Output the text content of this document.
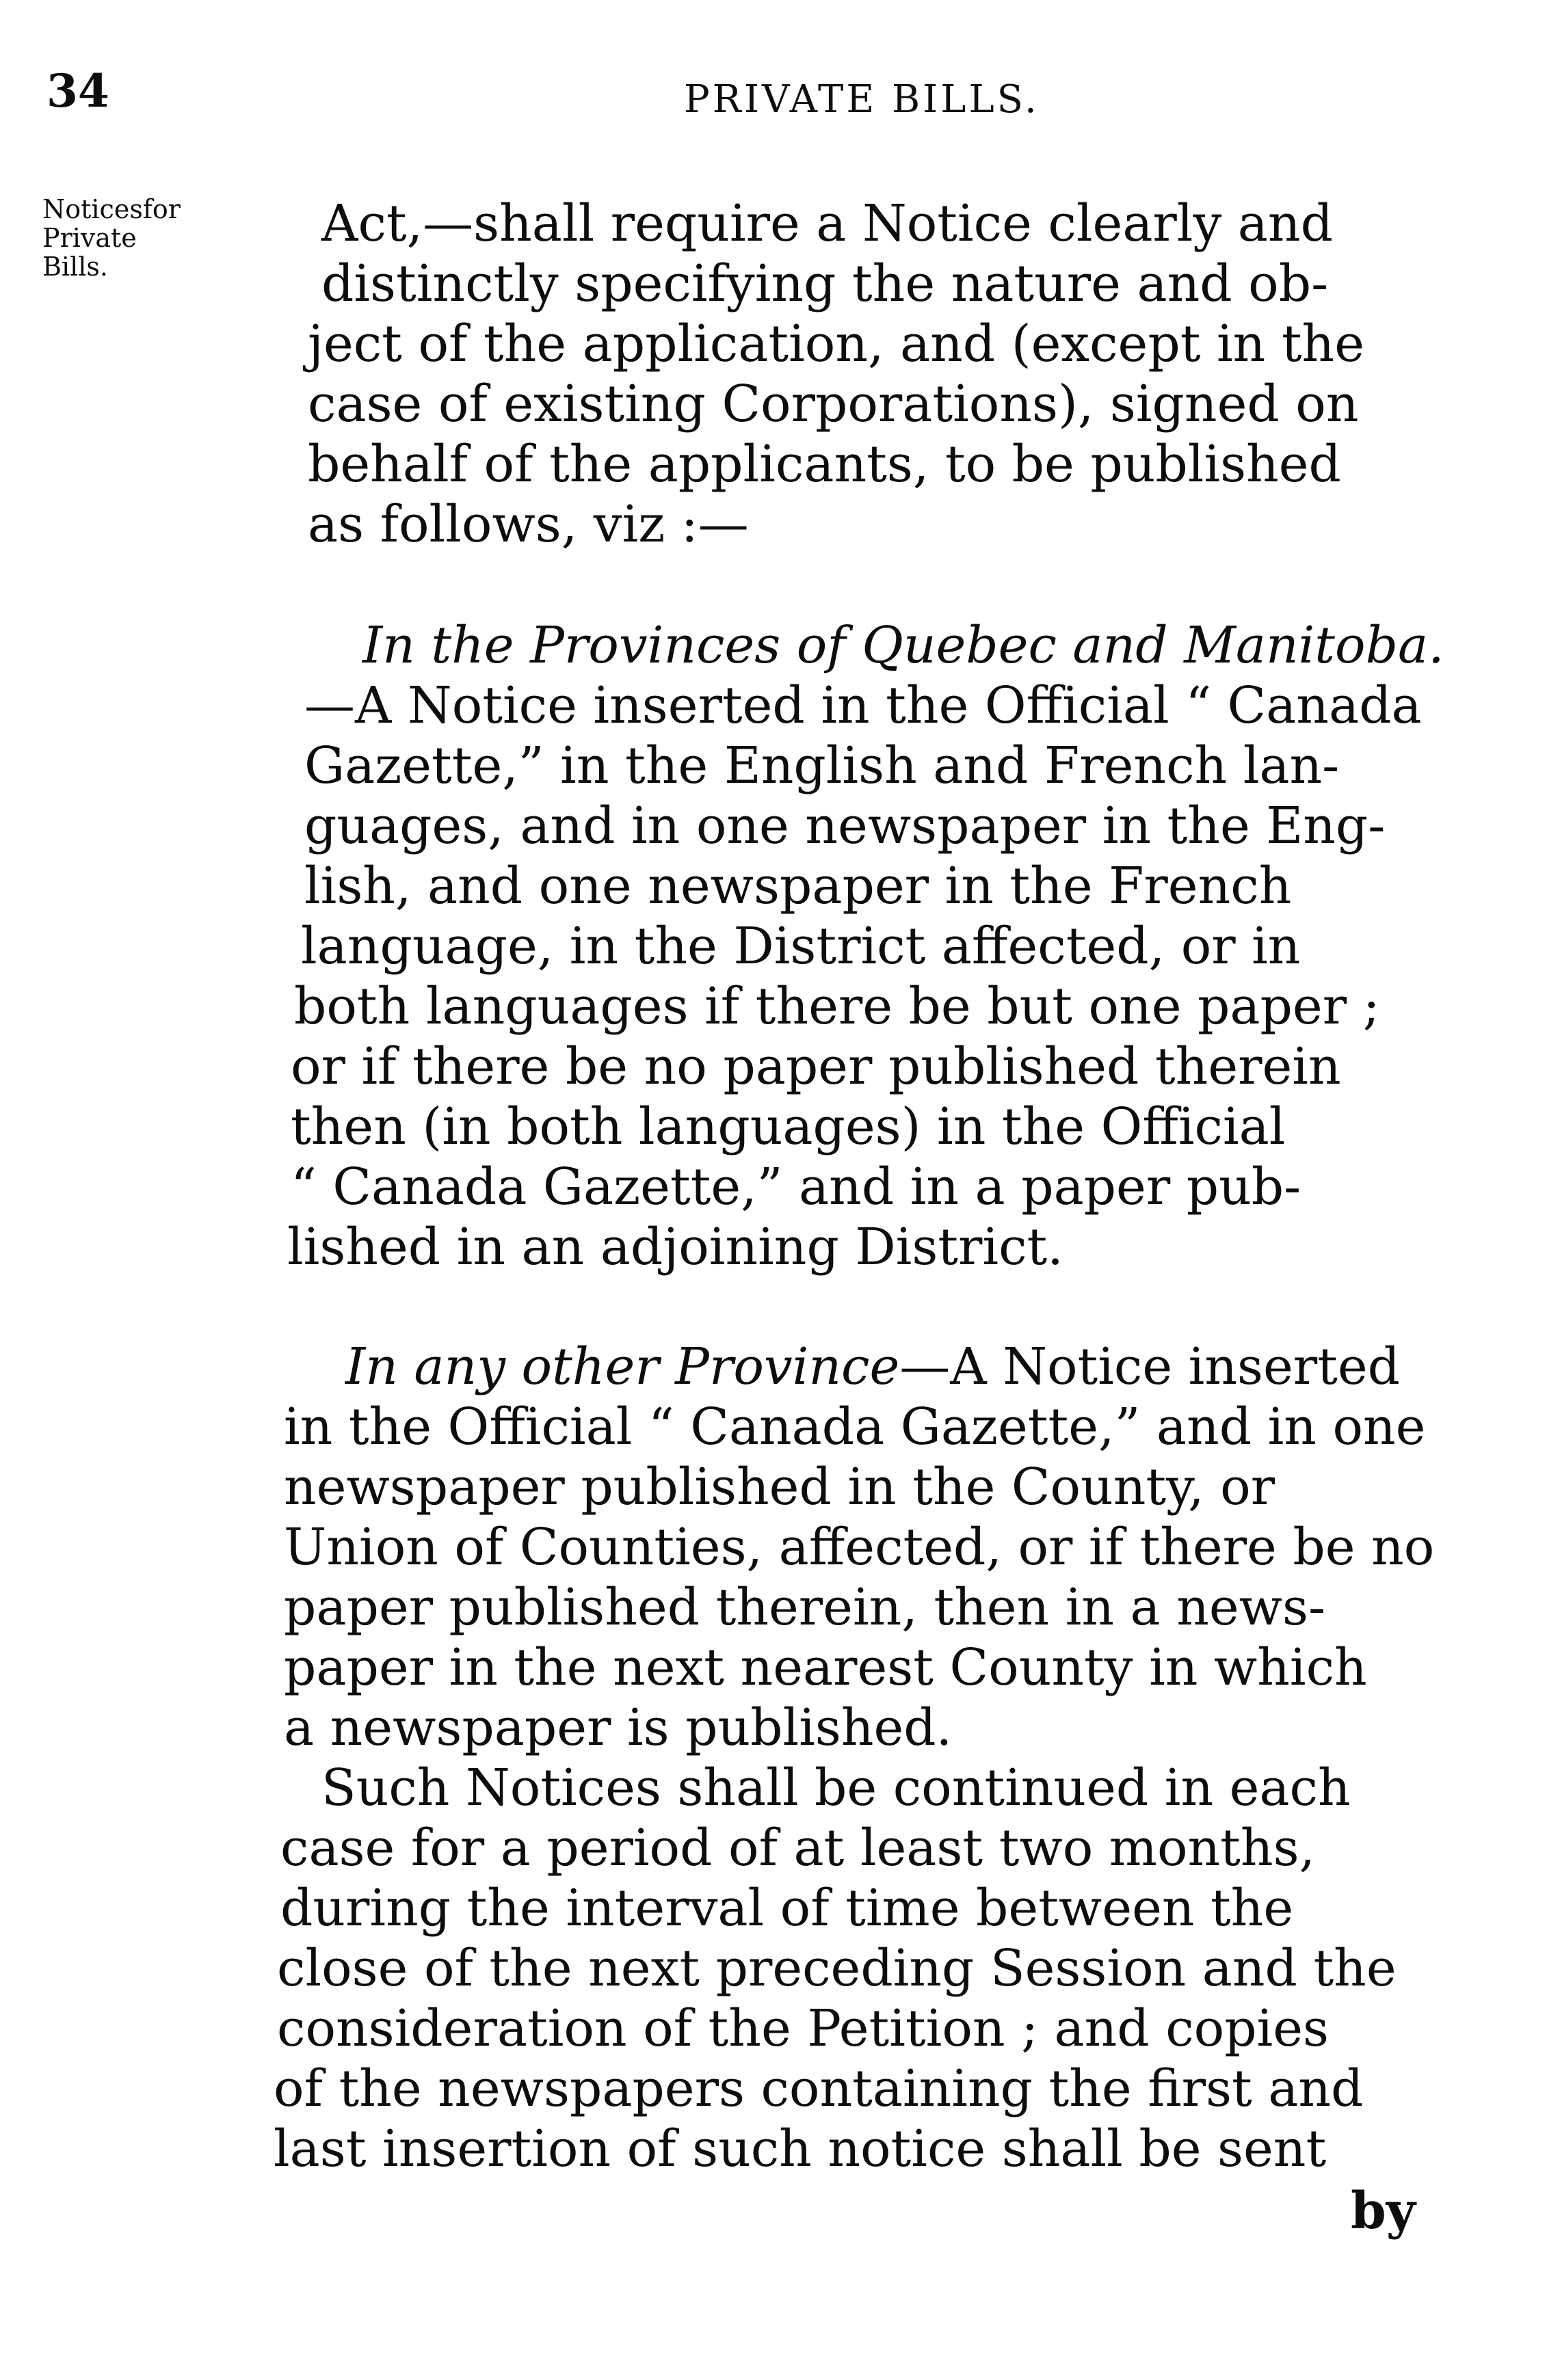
34	PRIVATE BILLS.
Noticesfor
Private
Bills.
Act,—shall require a Notice clearly and
distinctly specifying the nature and ob-
ject of the application, and (except in the
case of existing Corporations), signed on
behalf of the applicants, to be published
as follows, viz :—
In the Provinces of Quebec and Manitoba.
—A Notice inserted in the Official “ Canada
Gazette,” in the English and French lan-
guages, and in one newspaper in the Eng-
lish, and one newspaper in the French
language, in the District affected, or in
both languages if there be but one paper ;
or if there be no paper published therein
then (in both languages) in the Official
“ Canada Gazette,” and in a paper pub-
lished in an adjoining District.
In any other Province—A Notice inserted
in the Official “ Canada Gazette,” and in one
newspaper published in the County, or
Union of Counties, affected, or if there be no
paper published therein, then in a news-
paper in the next nearest County in which
a newspaper is published.
Such Notices shall be continued in each
case for a period of at least two months,
during the interval of time between the
close of the next preceding Session and the
consideration of the Petition ; and copies
of the newspapers containing the first and
last insertion of such notice shall be sent
by
